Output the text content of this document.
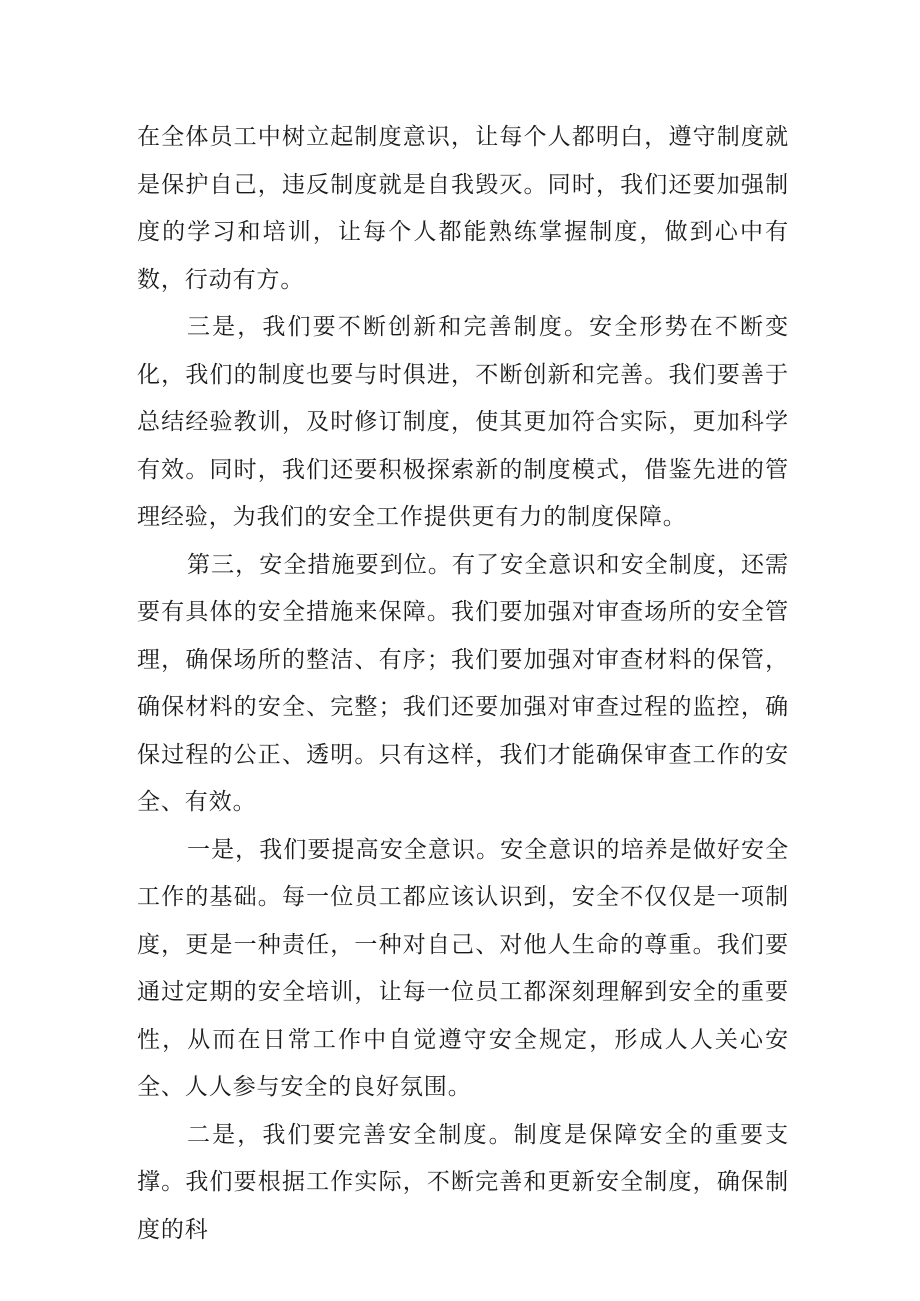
在全体员工中树立起制度意识，让每个人都明白，遵守制度就是保护自己，违反制度就是自我毁灭。同时，我们还要加强制度的学习和培训，让每个人都能熟练掌握制度，做到心中有数，行动有方。

三是，我们要不断创新和完善制度。安全形势在不断变化，我们的制度也要与时俱进，不断创新和完善。我们要善于总结经验教训，及时修订制度，使其更加符合实际，更加科学有效。同时，我们还要积极探索新的制度模式，借鉴先进的管理经验，为我们的安全工作提供更有力的制度保障。

第三，安全措施要到位。有了安全意识和安全制度，还需要有具体的安全措施来保障。我们要加强对审查场所的安全管理，确保场所的整洁、有序；我们要加强对审查材料的保管，确保材料的安全、完整；我们还要加强对审查过程的监控，确保过程的公正、透明。只有这样，我们才能确保审查工作的安全、有效。

一是，我们要提高安全意识。安全意识的培养是做好安全工作的基础。每一位员工都应该认识到，安全不仅仅是一项制度，更是一种责任，一种对自己、对他人生命的尊重。我们要通过定期的安全培训，让每一位员工都深刻理解到安全的重要性，从而在日常工作中自觉遵守安全规定，形成人人关心安全、人人参与安全的良好氛围。

二是，我们要完善安全制度。制度是保障安全的重要支撑。我们要根据工作实际，不断完善和更新安全制度，确保制度的科
